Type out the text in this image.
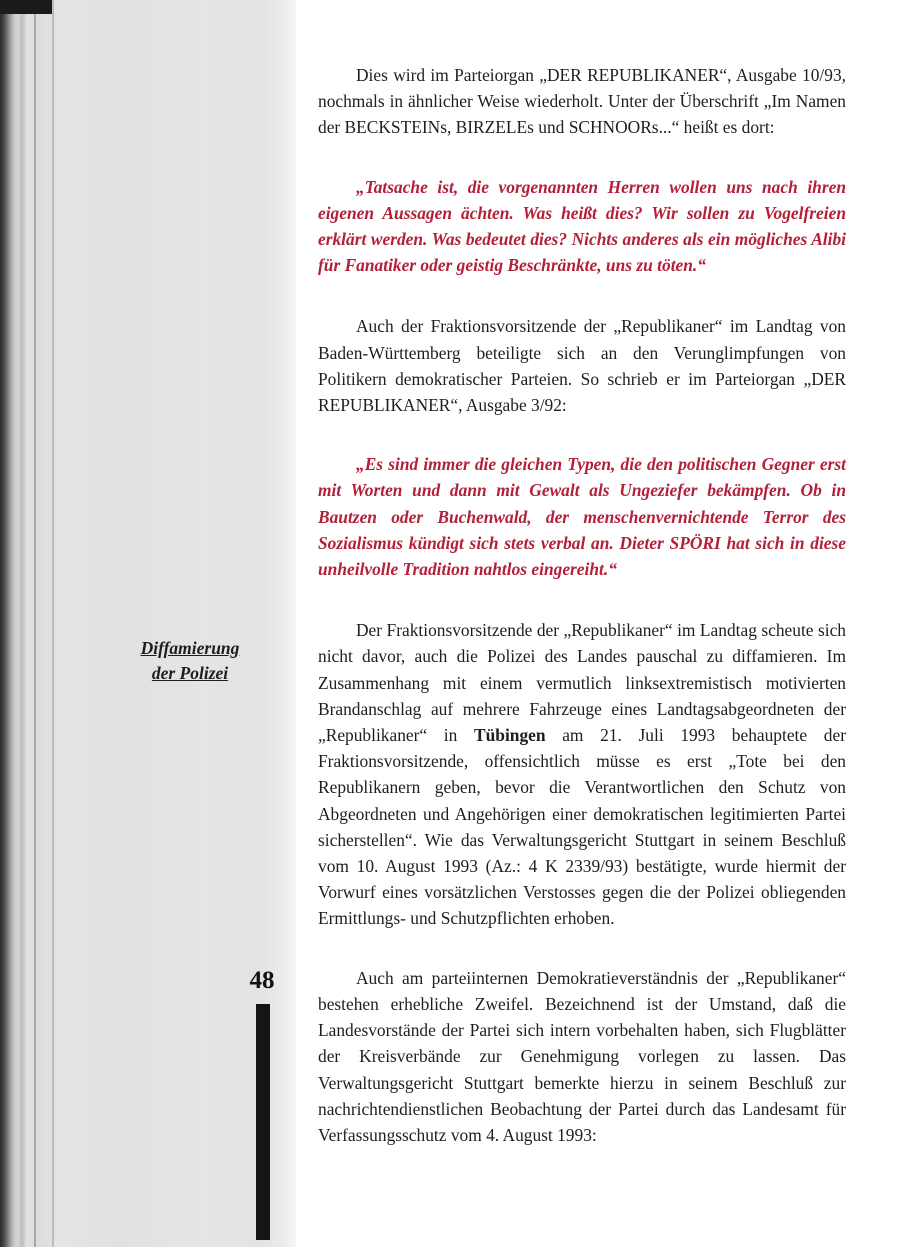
Diffamierung
der Polizei
48

Dies wird im Parteiorgan „DER REPUBLIKANER“, Ausgabe 10/93, nochmals in ähnlicher Weise wiederholt. Unter der Überschrift „Im Namen der BECKSTEINs, BIRZELEs und SCHNOORs...“ heißt es dort:

„Tatsache ist, die vorgenannten Herren wollen uns nach ihren eigenen Aussagen ächten. Was heißt dies? Wir sollen zu Vogelfreien erklärt werden. Was bedeutet dies? Nichts anderes als ein mögliches Alibi für Fanatiker oder geistig Beschränkte, uns zu töten.“

Auch der Fraktionsvorsitzende der „Republikaner“ im Landtag von Baden-Württemberg beteiligte sich an den Verunglimpfungen von Politikern demokratischer Parteien. So schrieb er im Parteiorgan „DER REPUBLIKANER“, Ausgabe 3/92:

„Es sind immer die gleichen Typen, die den politischen Gegner erst mit Worten und dann mit Gewalt als Ungeziefer bekämpfen. Ob in Bautzen oder Buchenwald, der menschenvernichtende Terror des Sozialismus kündigt sich stets verbal an. Dieter SPÖRI hat sich in diese unheilvolle Tradition nahtlos eingereiht.“

Der Fraktionsvorsitzende der „Republikaner“ im Landtag scheute sich nicht davor, auch die Polizei des Landes pauschal zu diffamieren. Im Zusammenhang mit einem vermutlich linksextremistisch motivierten Brandanschlag auf mehrere Fahrzeuge eines Landtagsabgeordneten der „Republikaner“ in Tübingen am 21. Juli 1993 behauptete der Fraktionsvorsitzende, offensichtlich müsse es erst „Tote bei den Republikanern geben, bevor die Verantwortlichen den Schutz von Abgeordneten und Angehörigen einer demokratischen legitimierten Partei sicherstellen“. Wie das Verwaltungsgericht Stuttgart in seinem Beschluß vom 10. August 1993 (Az.: 4 K 2339/93) bestätigte, wurde hiermit der Vorwurf eines vorsätzlichen Verstosses gegen die der Polizei obliegenden Ermittlungs- und Schutzpflichten erhoben.

Auch am parteiinternen Demokratieverständnis der „Republikaner“ bestehen erhebliche Zweifel. Bezeichnend ist der Umstand, daß die Landesvorstände der Partei sich intern vorbehalten haben, sich Flugblätter der Kreisverbände zur Genehmigung vorlegen zu lassen. Das Verwaltungsgericht Stuttgart bemerkte hierzu in seinem Beschluß zur nachrichtendienstlichen Beobachtung der Partei durch das Landesamt für Verfassungsschutz vom 4. August 1993:
